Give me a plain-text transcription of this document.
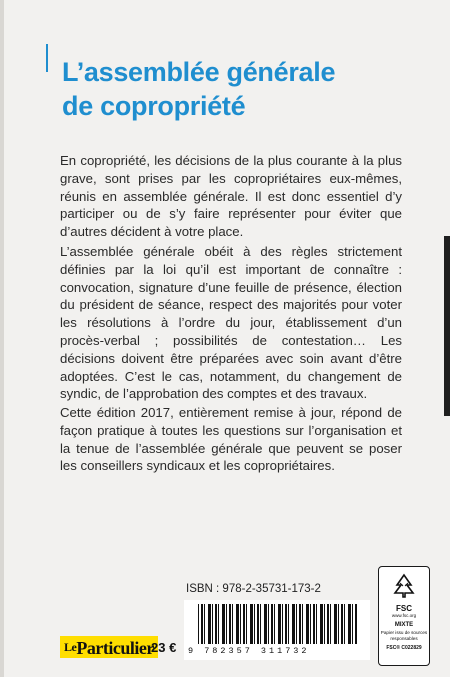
L’assemblée générale
de copropriété

En copropriété, les décisions de la plus courante à la plus grave, sont prises par les copropriétaires eux-mêmes, réunis en assemblée générale. Il est donc essentiel d’y participer ou de s’y faire représenter pour éviter que d’autres décident à votre place.

L’assemblée générale obéit à des règles strictement définies par la loi qu’il est important de connaître : convocation, signature d’une feuille de présence, élection du président de séance, respect des majorités pour voter les résolutions à l’ordre du jour, établissement d’un procès-verbal ; possibilités de contestation… Les décisions doivent être préparées avec soin avant d’être adoptées. C’est le cas, notamment, du changement de syndic, de l’approbation des comptes et des travaux.

Cette édition 2017, entièrement remise à jour, répond de façon pratique à toutes les questions sur l’organisation et la tenue de l’assemblée générale que peuvent se poser les conseillers syndicaux et les copropriétaires.

ISBN : 978-2-35731-173-2
9 782357 311732
FSC
www.fsc.org
MIXTE
Papier issu de sources responsables
FSC® C022829
LeParticulier
23 €
